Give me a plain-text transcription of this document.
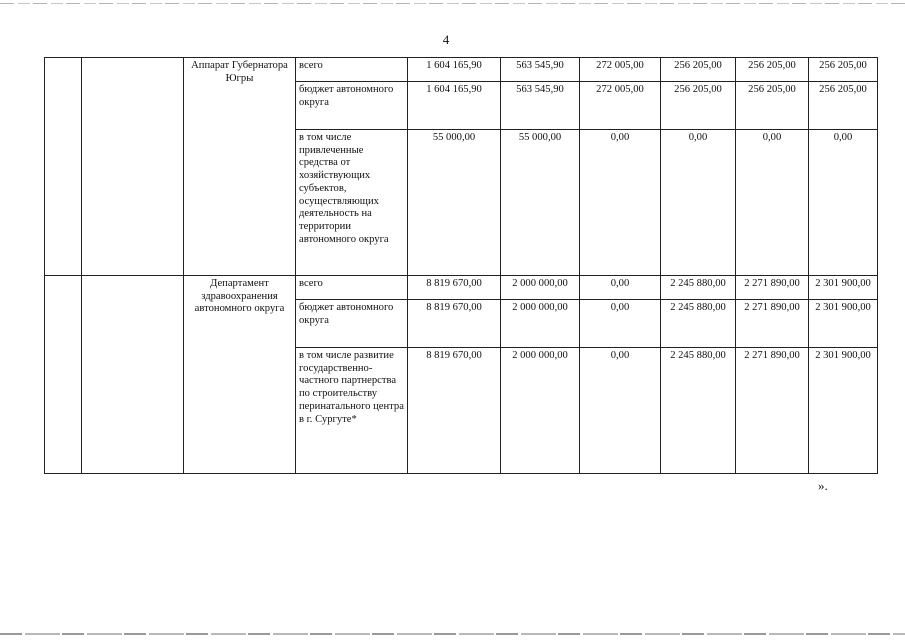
4
		Аппарат Губернатора Югры	всего	1 604 165,90	563 545,90	272 005,00	256 205,00	256 205,00	256 205,00
			бюджет автономного округа	1 604 165,90	563 545,90	272 005,00	256 205,00	256 205,00	256 205,00
			в том числе привлеченные средства от хозяйствующих субъектов, осуществляющих деятельность на территории автономного округа	55 000,00	55 000,00	0,00	0,00	0,00	0,00
		Департамент здравоохранения автономного округа	всего	8 819 670,00	2 000 000,00	0,00	2 245 880,00	2 271 890,00	2 301 900,00
			бюджет автономного округа	8 819 670,00	2 000 000,00	0,00	2 245 880,00	2 271 890,00	2 301 900,00
			в том числе развитие государственно-частного партнерства по строительству перинатального центра в г. Сургуте*	8 819 670,00	2 000 000,00	0,00	2 245 880,00	2 271 890,00	2 301 900,00
».
